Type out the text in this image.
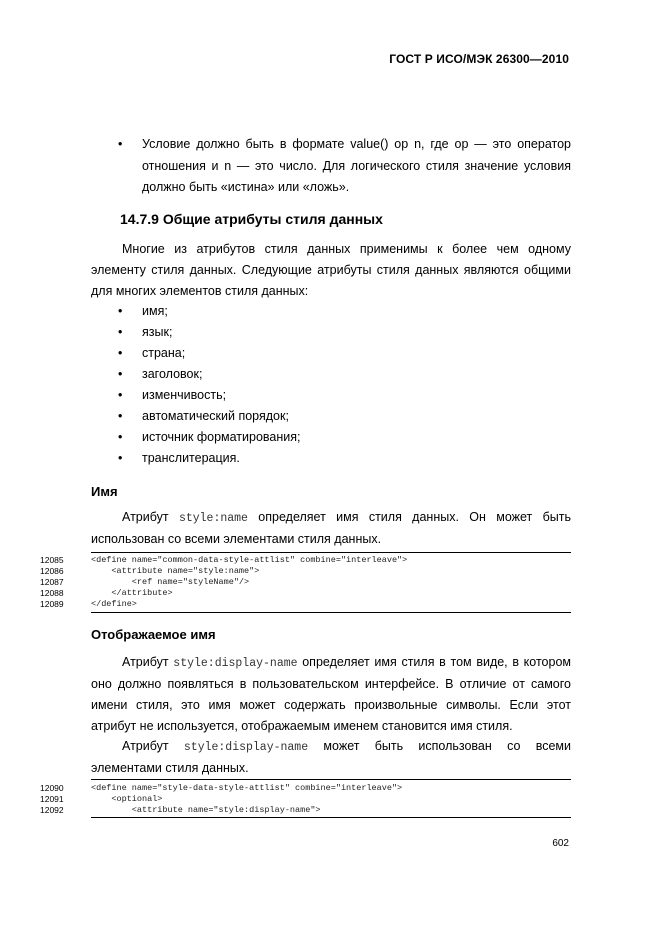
ГОСТ Р ИСО/МЭК 26300—2010
• Условие должно быть в формате value() op n, где op — это оператор отношения и n — это число. Для логического стиля значение условия должно быть «истина» или «ложь».
14.7.9 Общие атрибуты стиля данных
Многие из атрибутов стиля данных применимы к более чем одному элементу стиля данных. Следующие атрибуты стиля данных являются общими для многих элементов стиля данных:
• имя;
• язык;
• страна;
• заголовок;
• изменчивость;
• автоматический порядок;
• источник форматирования;
• транслитерация.
Имя
Атрибут style:name определяет имя стиля данных. Он может быть
использован со всеми элементами стиля данных.
12085	<define name="common-data-style-attlist" combine="interleave">
12086	<attribute name="style:name">
12087	<ref name="styleName"/>
12088	</attribute>
12089	</define>
Отображаемое имя
Атрибут style:display-name определяет имя стиля в том виде, в котором
оно должно появляться в пользовательском интерфейсе. В отличие от самого имени стиля, это имя может содержать произвольные символы. Если этот атрибут не используется, отображаемым именем становится имя стиля.
Атрибут style:display-name может быть использован со всеми
элементами стиля данных.
12090	<define name="style-data-style-attlist" combine="interleave">
12091	<optional>
12092	<attribute name="style:display-name">
602
